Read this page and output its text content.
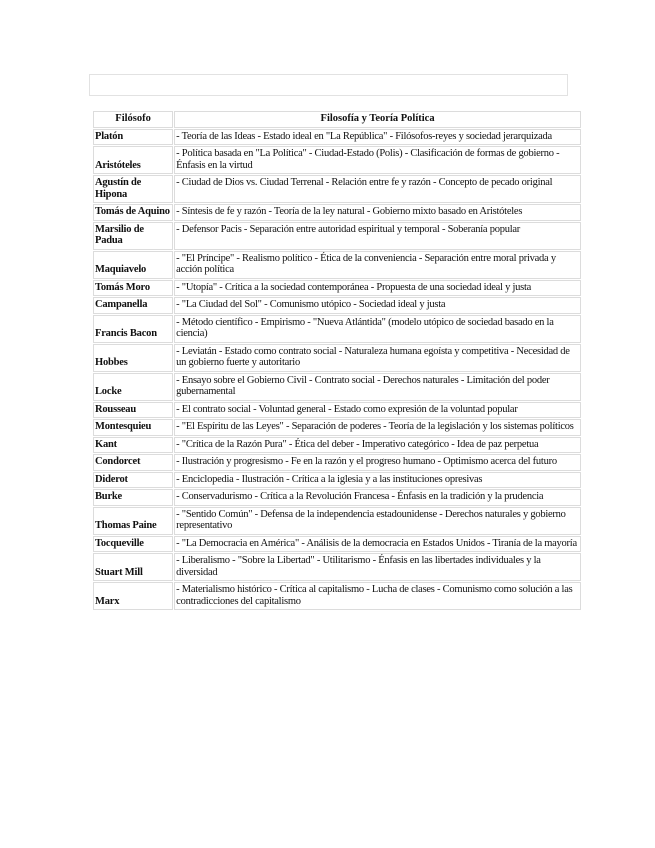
Filósofo	Filosofía y Teoría Política
Platón	- Teoría de las Ideas - Estado ideal en "La República" - Filósofos-reyes y sociedad jerarquizada
Aristóteles	- Política basada en "La Política" - Ciudad-Estado (Polis) - Clasificación de formas de gobierno - Énfasis en la virtud
Agustín de Hipona	- Ciudad de Dios vs. Ciudad Terrenal - Relación entre fe y razón - Concepto de pecado original
Tomás de Aquino	- Síntesis de fe y razón - Teoría de la ley natural - Gobierno mixto basado en Aristóteles
Marsilio de Padua	- Defensor Pacis - Separación entre autoridad espiritual y temporal - Soberanía popular
Maquiavelo	- "El Príncipe" - Realismo político - Ética de la conveniencia - Separación entre moral privada y acción política
Tomás Moro	- "Utopía" - Crítica a la sociedad contemporánea - Propuesta de una sociedad ideal y justa
Campanella	- "La Ciudad del Sol" - Comunismo utópico - Sociedad ideal y justa
Francis Bacon	- Método científico - Empirismo - "Nueva Atlántida" (modelo utópico de sociedad basado en la ciencia)
Hobbes	- Leviatán - Estado como contrato social - Naturaleza humana egoísta y competitiva - Necesidad de un gobierno fuerte y autoritario
Locke	- Ensayo sobre el Gobierno Civil - Contrato social - Derechos naturales - Limitación del poder gubernamental
Rousseau	- El contrato social - Voluntad general - Estado como expresión de la voluntad popular
Montesquieu	- "El Espíritu de las Leyes" - Separación de poderes - Teoría de la legislación y los sistemas políticos
Kant	- "Crítica de la Razón Pura" - Ética del deber - Imperativo categórico - Idea de paz perpetua
Condorcet	- Ilustración y progresismo - Fe en la razón y el progreso humano - Optimismo acerca del futuro
Diderot	- Enciclopedia - Ilustración - Crítica a la iglesia y a las instituciones opresivas
Burke	- Conservadurismo - Crítica a la Revolución Francesa - Énfasis en la tradición y la prudencia
Thomas Paine	- "Sentido Común" - Defensa de la independencia estadounidense - Derechos naturales y gobierno representativo
Tocqueville	- "La Democracia en América" - Análisis de la democracia en Estados Unidos - Tiranía de la mayoría
Stuart Mill	- Liberalismo - "Sobre la Libertad" - Utilitarismo - Énfasis en las libertades individuales y la diversidad
Marx	- Materialismo histórico - Crítica al capitalismo - Lucha de clases - Comunismo como solución a las contradicciones del capitalismo
